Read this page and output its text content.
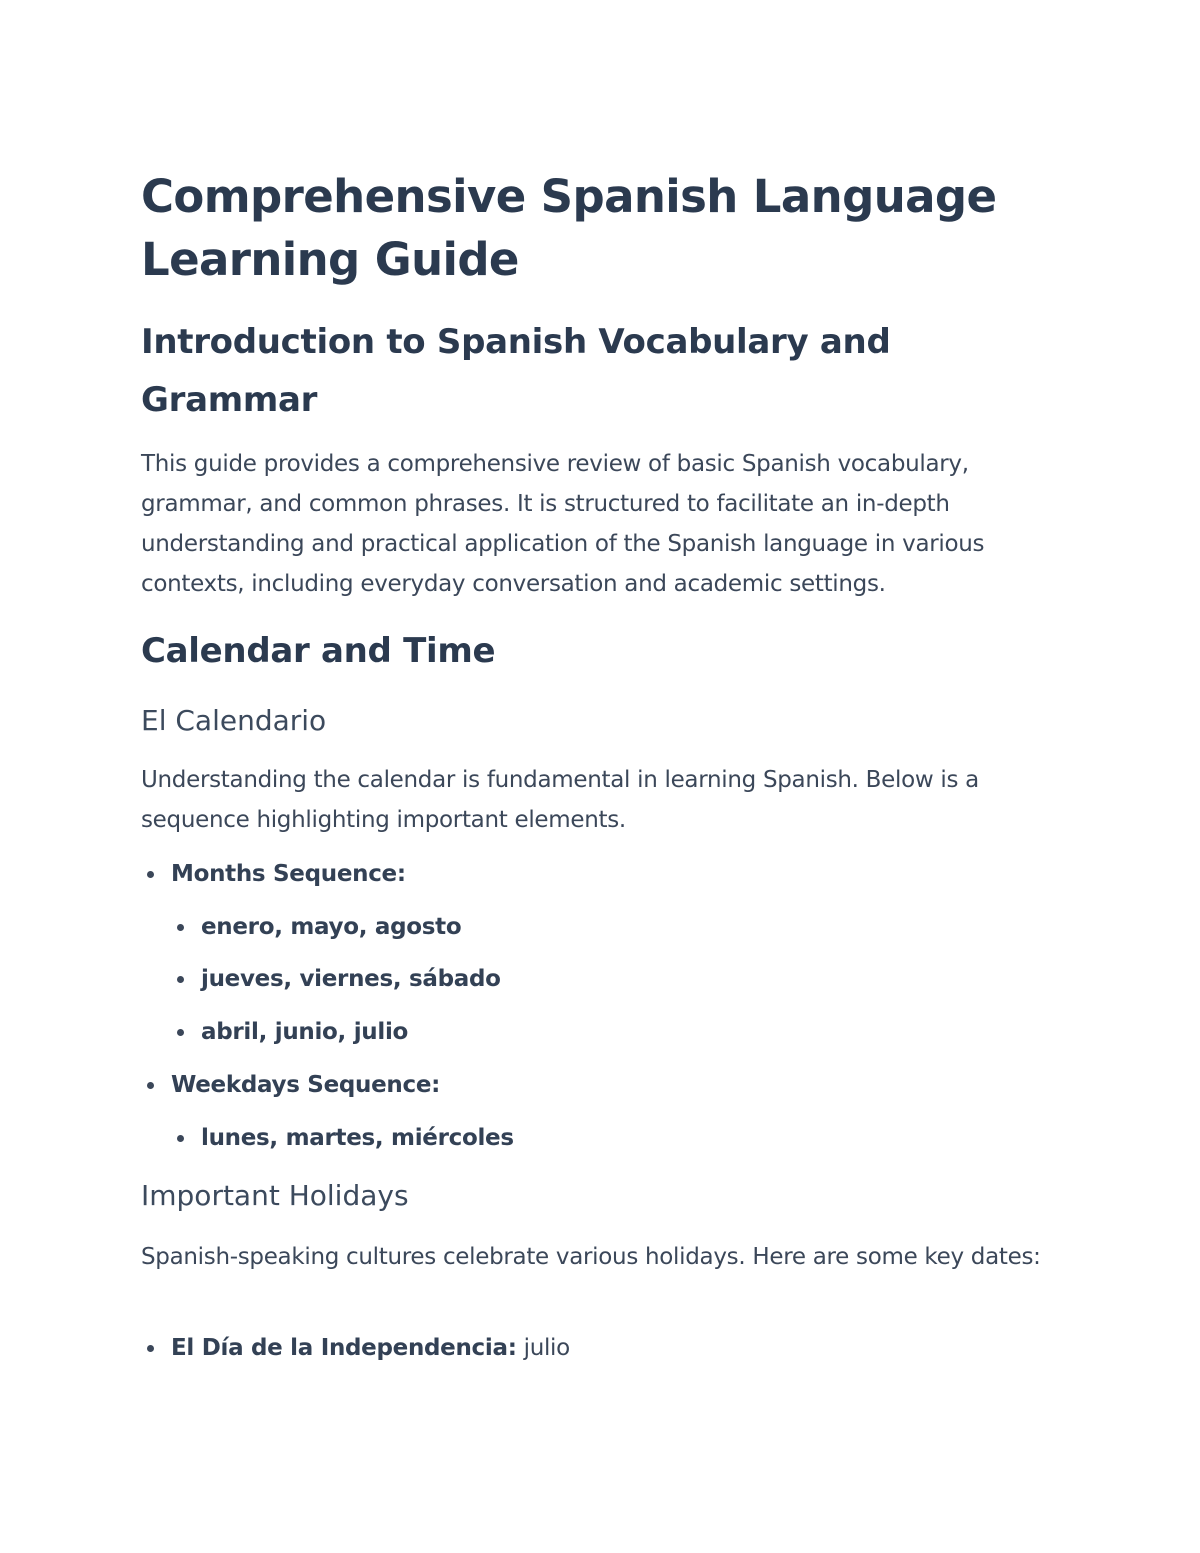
Comprehensive Spanish Language Learning Guide
Introduction to Spanish Vocabulary and Grammar

This guide provides a comprehensive review of basic Spanish vocabulary, grammar, and common phrases. It is structured to facilitate an in-depth understanding and practical application of the Spanish language in various contexts, including everyday conversation and academic settings.

Calendar and Time
El Calendario

Understanding the calendar is fundamental in learning Spanish. Below is a sequence highlighting important elements.

Months Sequence:
enero, mayo, agosto
jueves, viernes, sábado
abril, junio, julio
Weekdays Sequence:
lunes, martes, miércoles
Important Holidays

Spanish-speaking cultures celebrate various holidays. Here are some key dates:

El Día de la Independencia: julio
